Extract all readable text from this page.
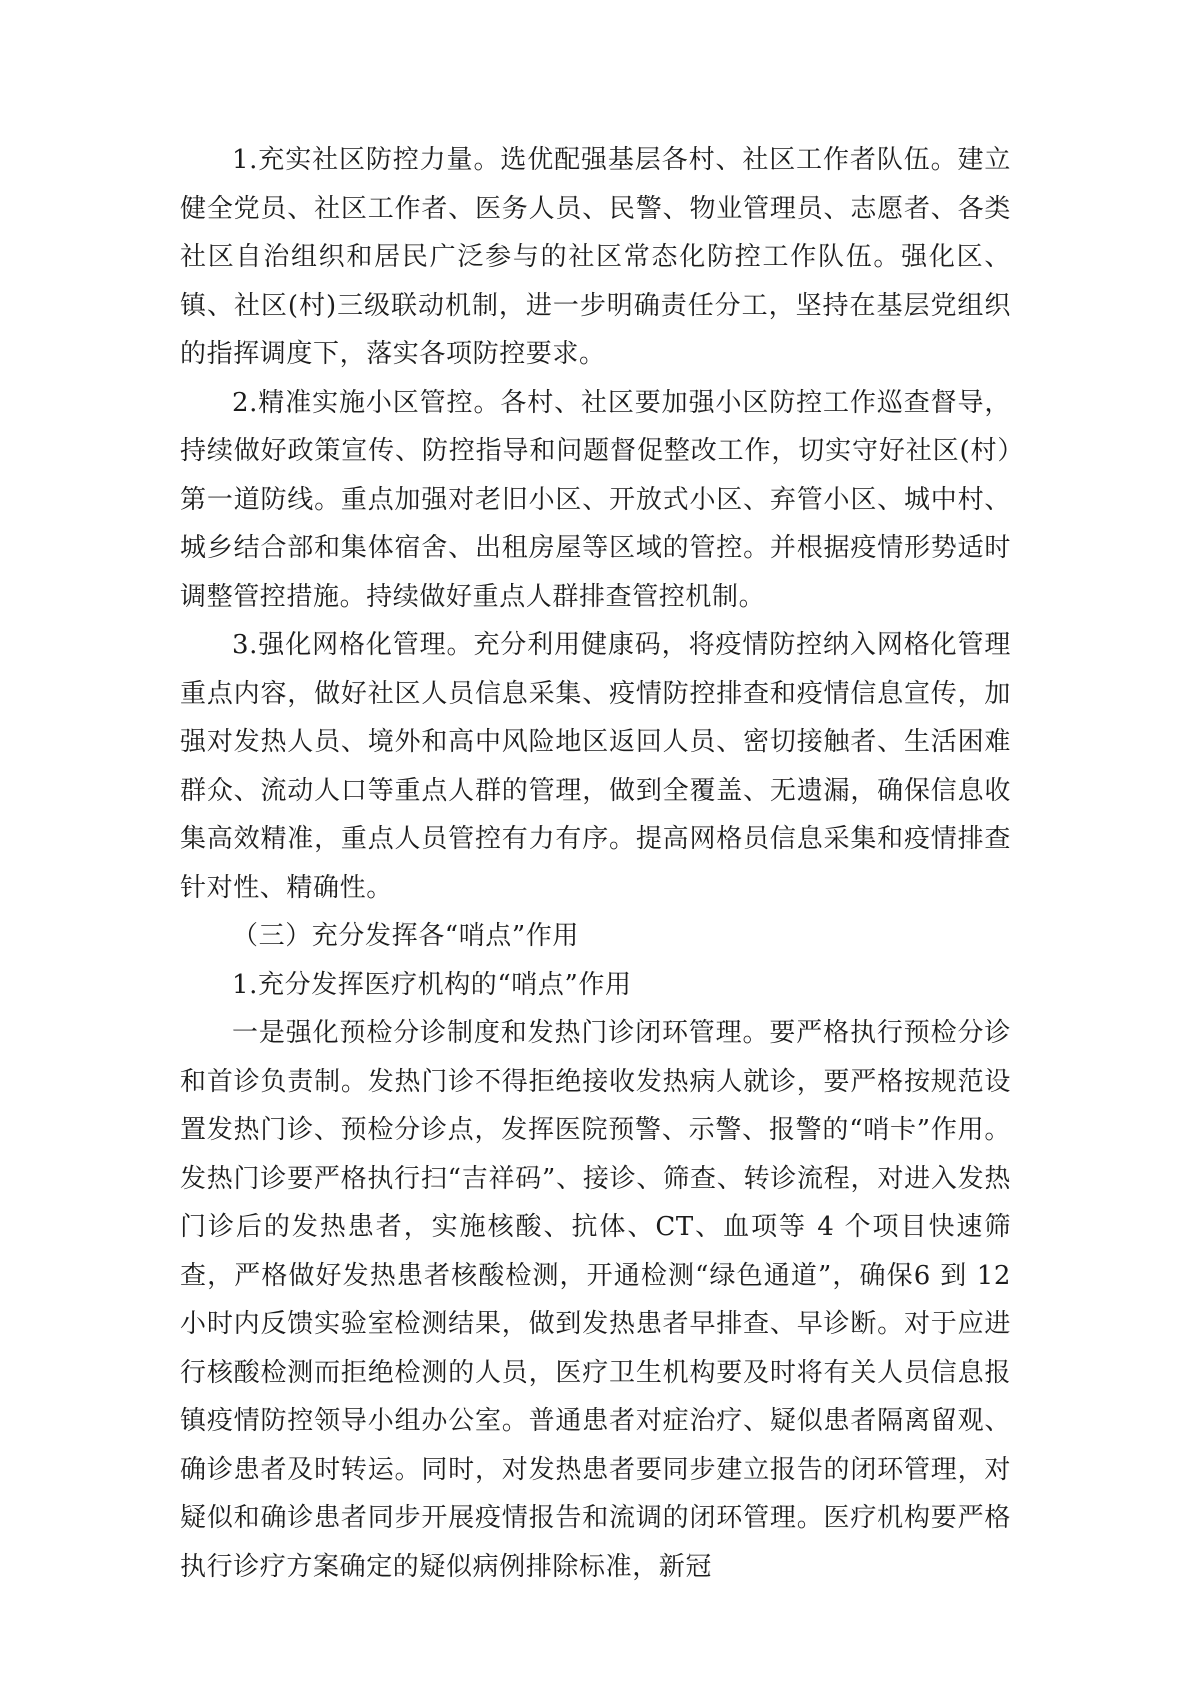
1.充实社区防控力量。选优配强基层各村、社区工作者队伍。建立健全党员、社区工作者、医务人员、民警、物业管理员、志愿者、各类社区自治组织和居民广泛参与的社区常态化防控工作队伍。强化区、镇、社区(村)三级联动机制，进一步明确责任分工，坚持在基层党组织的指挥调度下，落实各项防控要求。

2.精准实施小区管控。各村、社区要加强小区防控工作巡查督导，持续做好政策宣传、防控指导和问题督促整改工作，切实守好社区(村）第一道防线。重点加强对老旧小区、开放式小区、弃管小区、城中村、城乡结合部和集体宿舍、出租房屋等区域的管控。并根据疫情形势适时调整管控措施。持续做好重点人群排查管控机制。

3.强化网格化管理。充分利用健康码，将疫情防控纳入网格化管理重点内容，做好社区人员信息采集、疫情防控排查和疫情信息宣传，加强对发热人员、境外和高中风险地区返回人员、密切接触者、生活困难群众、流动人口等重点人群的管理，做到全覆盖、无遗漏，确保信息收集高效精准，重点人员管控有力有序。提高网格员信息采集和疫情排查针对性、精确性。

（三）充分发挥各“哨点”作用

1.充分发挥医疗机构的“哨点”作用

一是强化预检分诊制度和发热门诊闭环管理。要严格执行预检分诊和首诊负责制。发热门诊不得拒绝接收发热病人就诊，要严格按规范设置发热门诊、预检分诊点，发挥医院预警、示警、报警的“哨卡”作用。发热门诊要严格执行扫“吉祥码”、接诊、筛查、转诊流程，对进入发热门诊后的发热患者，实施核酸、抗体、CT、血项等 4 个项目快速筛查，严格做好发热患者核酸检测，开通检测“绿色通道”，确保6 到 12 小时内反馈实验室检测结果，做到发热患者早排查、早诊断。对于应进行核酸检测而拒绝检测的人员，医疗卫生机构要及时将有关人员信息报镇疫情防控领导小组办公室。普通患者对症治疗、疑似患者隔离留观、确诊患者及时转运。同时，对发热患者要同步建立报告的闭环管理，对疑似和确诊患者同步开展疫情报告和流调的闭环管理。医疗机构要严格执行诊疗方案确定的疑似病例排除标准，新冠
